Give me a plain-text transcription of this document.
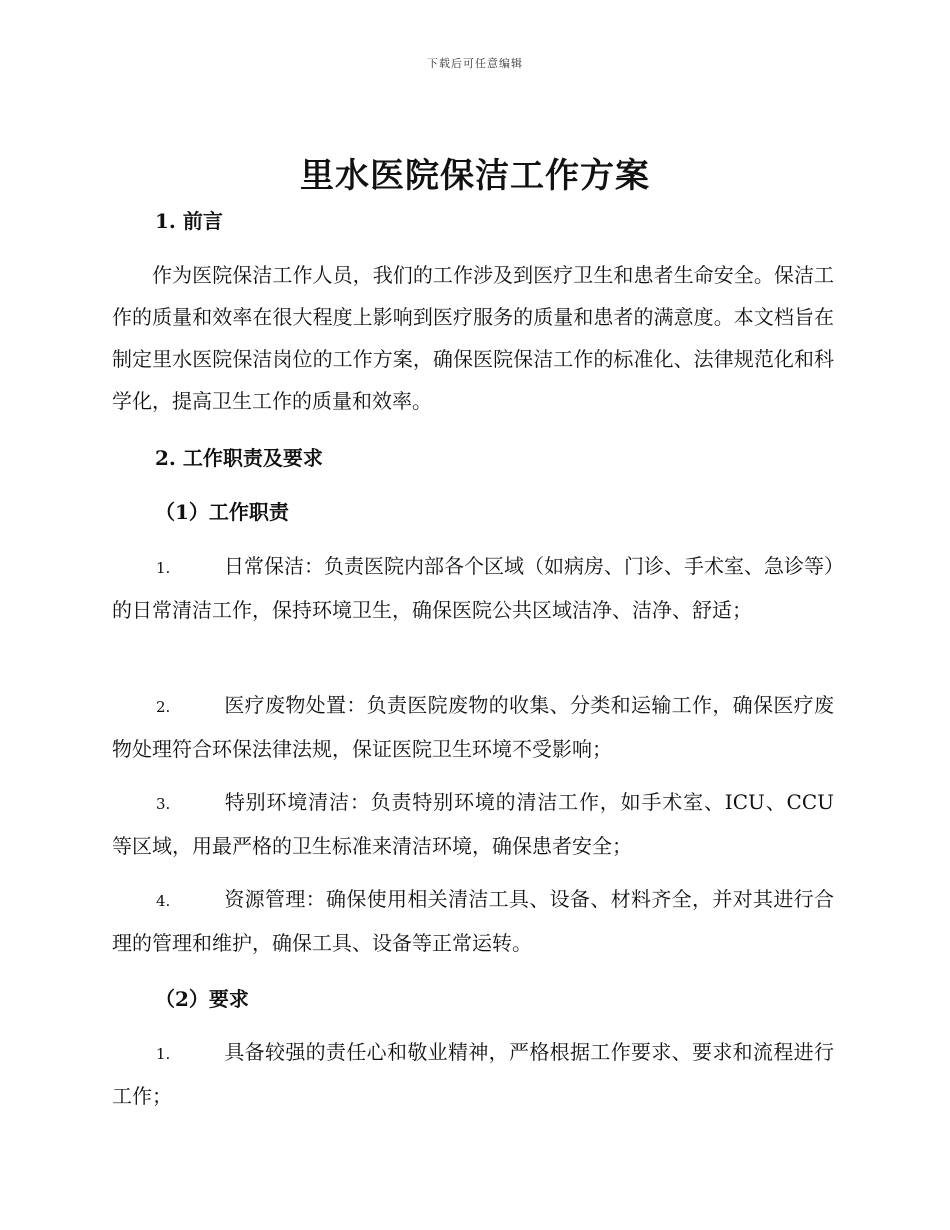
下载后可任意编辑
里水医院保洁工作方案
1. 前言
作为医院保洁工作人员，我们的工作涉及到医疗卫生和患者生命安全。保洁工作的质量和效率在很大程度上影响到医疗服务的质量和患者的满意度。本文档旨在制定里水医院保洁岗位的工作方案，确保医院保洁工作的标准化、法律规范化和科学化，提高卫生工作的质量和效率。
2. 工作职责及要求
（1）工作职责
1.	日常保洁：负责医院内部各个区域（如病房、门诊、手术室、急诊等）的日常清洁工作，保持环境卫生，确保医院公共区域洁净、洁净、舒适；
2.	医疗废物处置：负责医院废物的收集、分类和运输工作，确保医疗废物处理符合环保法律法规，保证医院卫生环境不受影响；
3.	特别环境清洁：负责特别环境的清洁工作，如手术室、ICU、CCU 等区域，用最严格的卫生标准来清洁环境，确保患者安全；
4.	资源管理：确保使用相关清洁工具、设备、材料齐全，并对其进行合理的管理和维护，确保工具、设备等正常运转。
（2）要求
1.	具备较强的责任心和敬业精神，严格根据工作要求、要求和流程进行工作；
